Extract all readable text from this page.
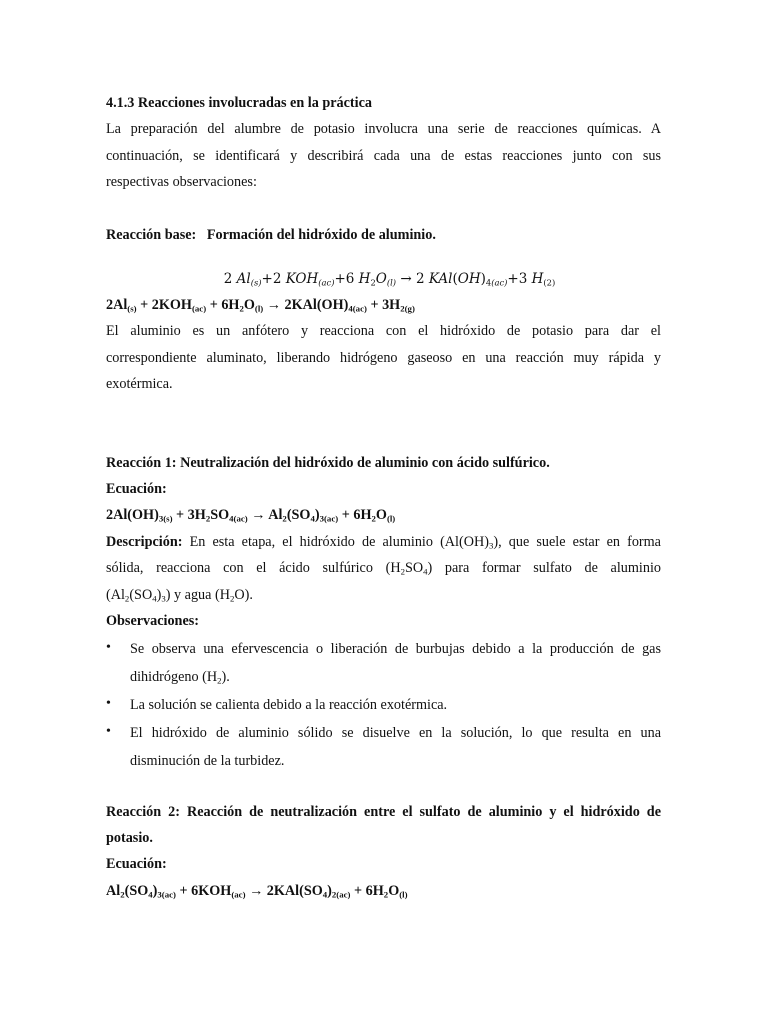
4.1.3 Reacciones involucradas en la práctica
La preparación del alumbre de potasio involucra una serie de reacciones químicas. A
continuación, se identificará y describirá cada una de estas reacciones junto con sus
respectivas observaciones:
Reacción base:   Formación del hidróxido de aluminio.
2 $Al_{(s)}+2$ $KOH_{(ac)}+6$ $H_2O_{(l)} \to 2$ $KAl(OH)_{4(ac)}+3$ $H_{(2)}$
$2Al_{(s)} + 2KOH_{(ac)} + 6H_2O_{(l)} \to 2KAl(OH)_{4(ac)} + 3H_{2(g)}$
El aluminio es un anfótero y reacciona con el hidróxido de potasio para dar el
correspondiente aluminato, liberando hidrógeno gaseoso en una reacción muy rápida y
exotérmica.
Reacción 1: Neutralización del hidróxido de aluminio con ácido sulfúrico.
Ecuación:
$2Al(OH)_{3(s)} + 3H_2SO_{4(ac)} \to Al_2(SO_4)_{3(ac)} + 6H_2O_{(l)}$
Descripción: En esta etapa, el hidróxido de aluminio $(Al(OH)_3)$, que suele estar en forma
sólida, reacciona con el ácido sulfúrico $(H_2SO_4)$ para formar sulfato de aluminio
$(Al_2(SO_4)_3)$ y agua $(H_2O)$.
Observaciones:
• Se observa una efervescencia o liberación de burbujas debido a la producción de gas
dihidrógeno $(H_2)$.
• La solución se calienta debido a la reacción exotérmica.
• El hidróxido de aluminio sólido se disuelve en la solución, lo que resulta en una
disminución de la turbidez.
Reacción 2: Reacción de neutralización entre el sulfato de aluminio y el hidróxido de
potasio.
Ecuación:
$Al_2(SO_4)_{3(ac)} + 6KOH_{(ac)} \to 2KAl(SO_4)_{2(ac)} + 6H_2O_{(l)}$
